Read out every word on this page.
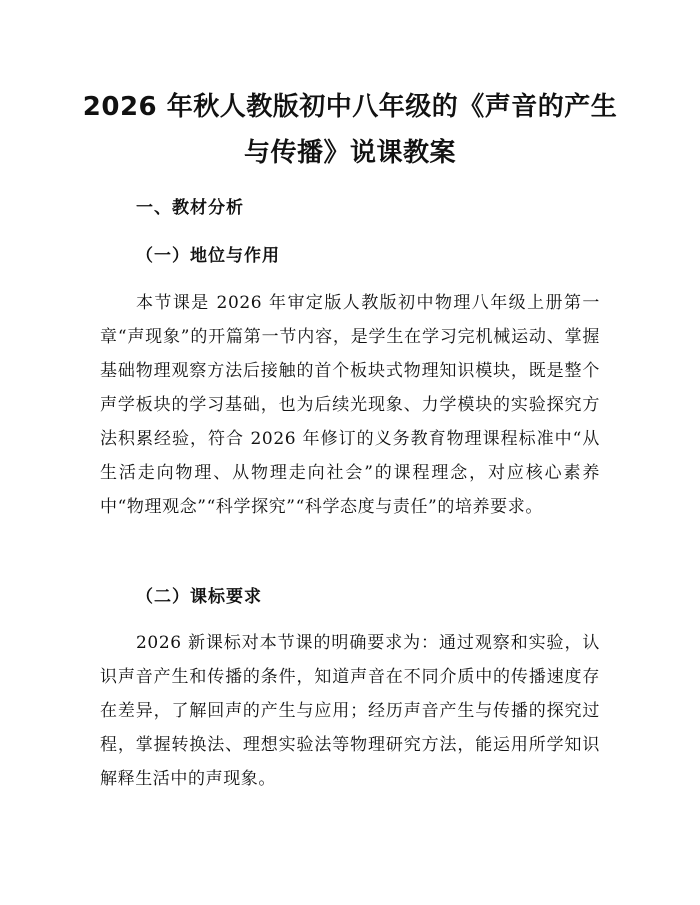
2026 年秋人教版初中八年级的《声音的产生
与传播》说课教案
一、教材分析
（一）地位与作用

本节课是 2026 年审定版人教版初中物理八年级上册第一章“声现象”的开篇第一节内容，是学生在学习完机械运动、掌握基础物理观察方法后接触的首个板块式物理知识模块，既是整个声学板块的学习基础，也为后续光现象、力学模块的实验探究方法积累经验，符合 2026 年修订的义务教育物理课程标准中“从生活走向物理、从物理走向社会”的课程理念，对应核心素养中“物理观念”“科学探究”“科学态度与责任”的培养要求。

（二）课标要求

2026 新课标对本节课的明确要求为：通过观察和实验，认识声音产生和传播的条件，知道声音在不同介质中的传播速度存在差异，了解回声的产生与应用；经历声音产生与传播的探究过程，掌握转换法、理想实验法等物理研究方法，能运用所学知识解释生活中的声现象。
